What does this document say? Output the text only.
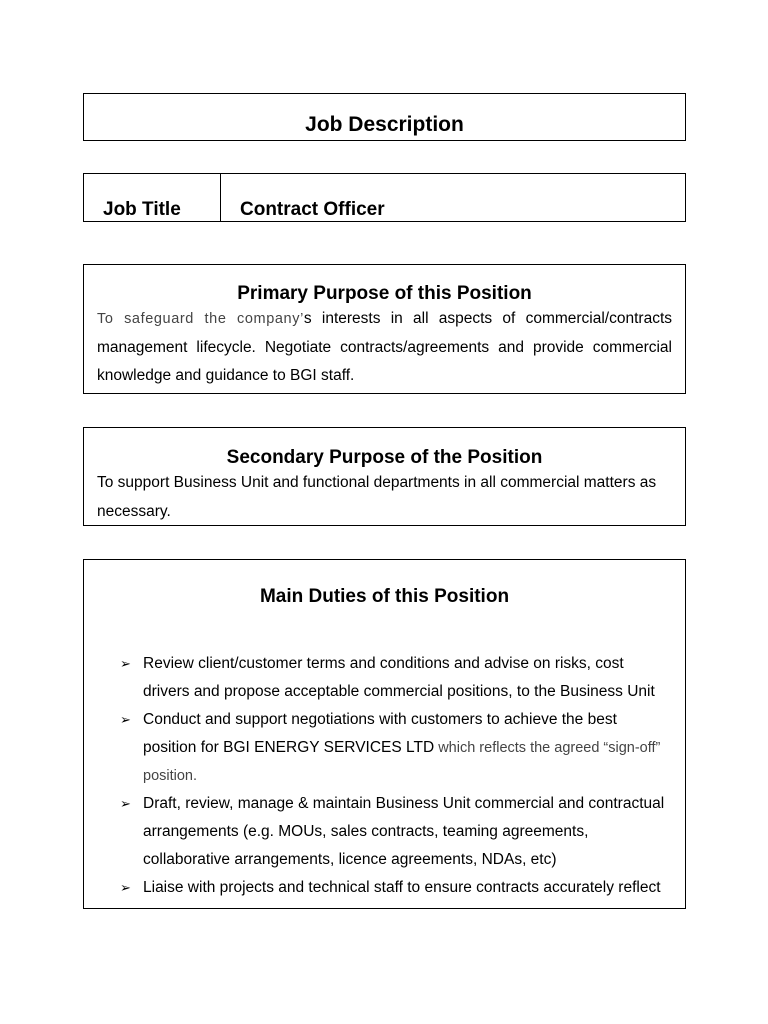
Job Description
Job Title	Contract Officer
Primary Purpose of this Position

To safeguard the company’s interests in all aspects of commercial/contracts management lifecycle. Negotiate contracts/agreements and provide commercial knowledge and guidance to BGI staff.

Secondary Purpose of the Position

To support Business Unit and functional departments in all commercial matters as necessary.

Main Duties of this Position
➢ Review client/customer terms and conditions and advise on risks, cost drivers and propose acceptable commercial positions, to the Business Unit
➢ Conduct and support negotiations with customers to achieve the best position for BGI ENERGY SERVICES LTD which reflects the agreed “sign-off” position.
➢ Draft, review, manage & maintain Business Unit commercial and contractual arrangements (e.g. MOUs, sales contracts, teaming agreements, collaborative arrangements, licence agreements, NDAs, etc)
➢ Liaise with projects and technical staff to ensure contracts accurately reflect
